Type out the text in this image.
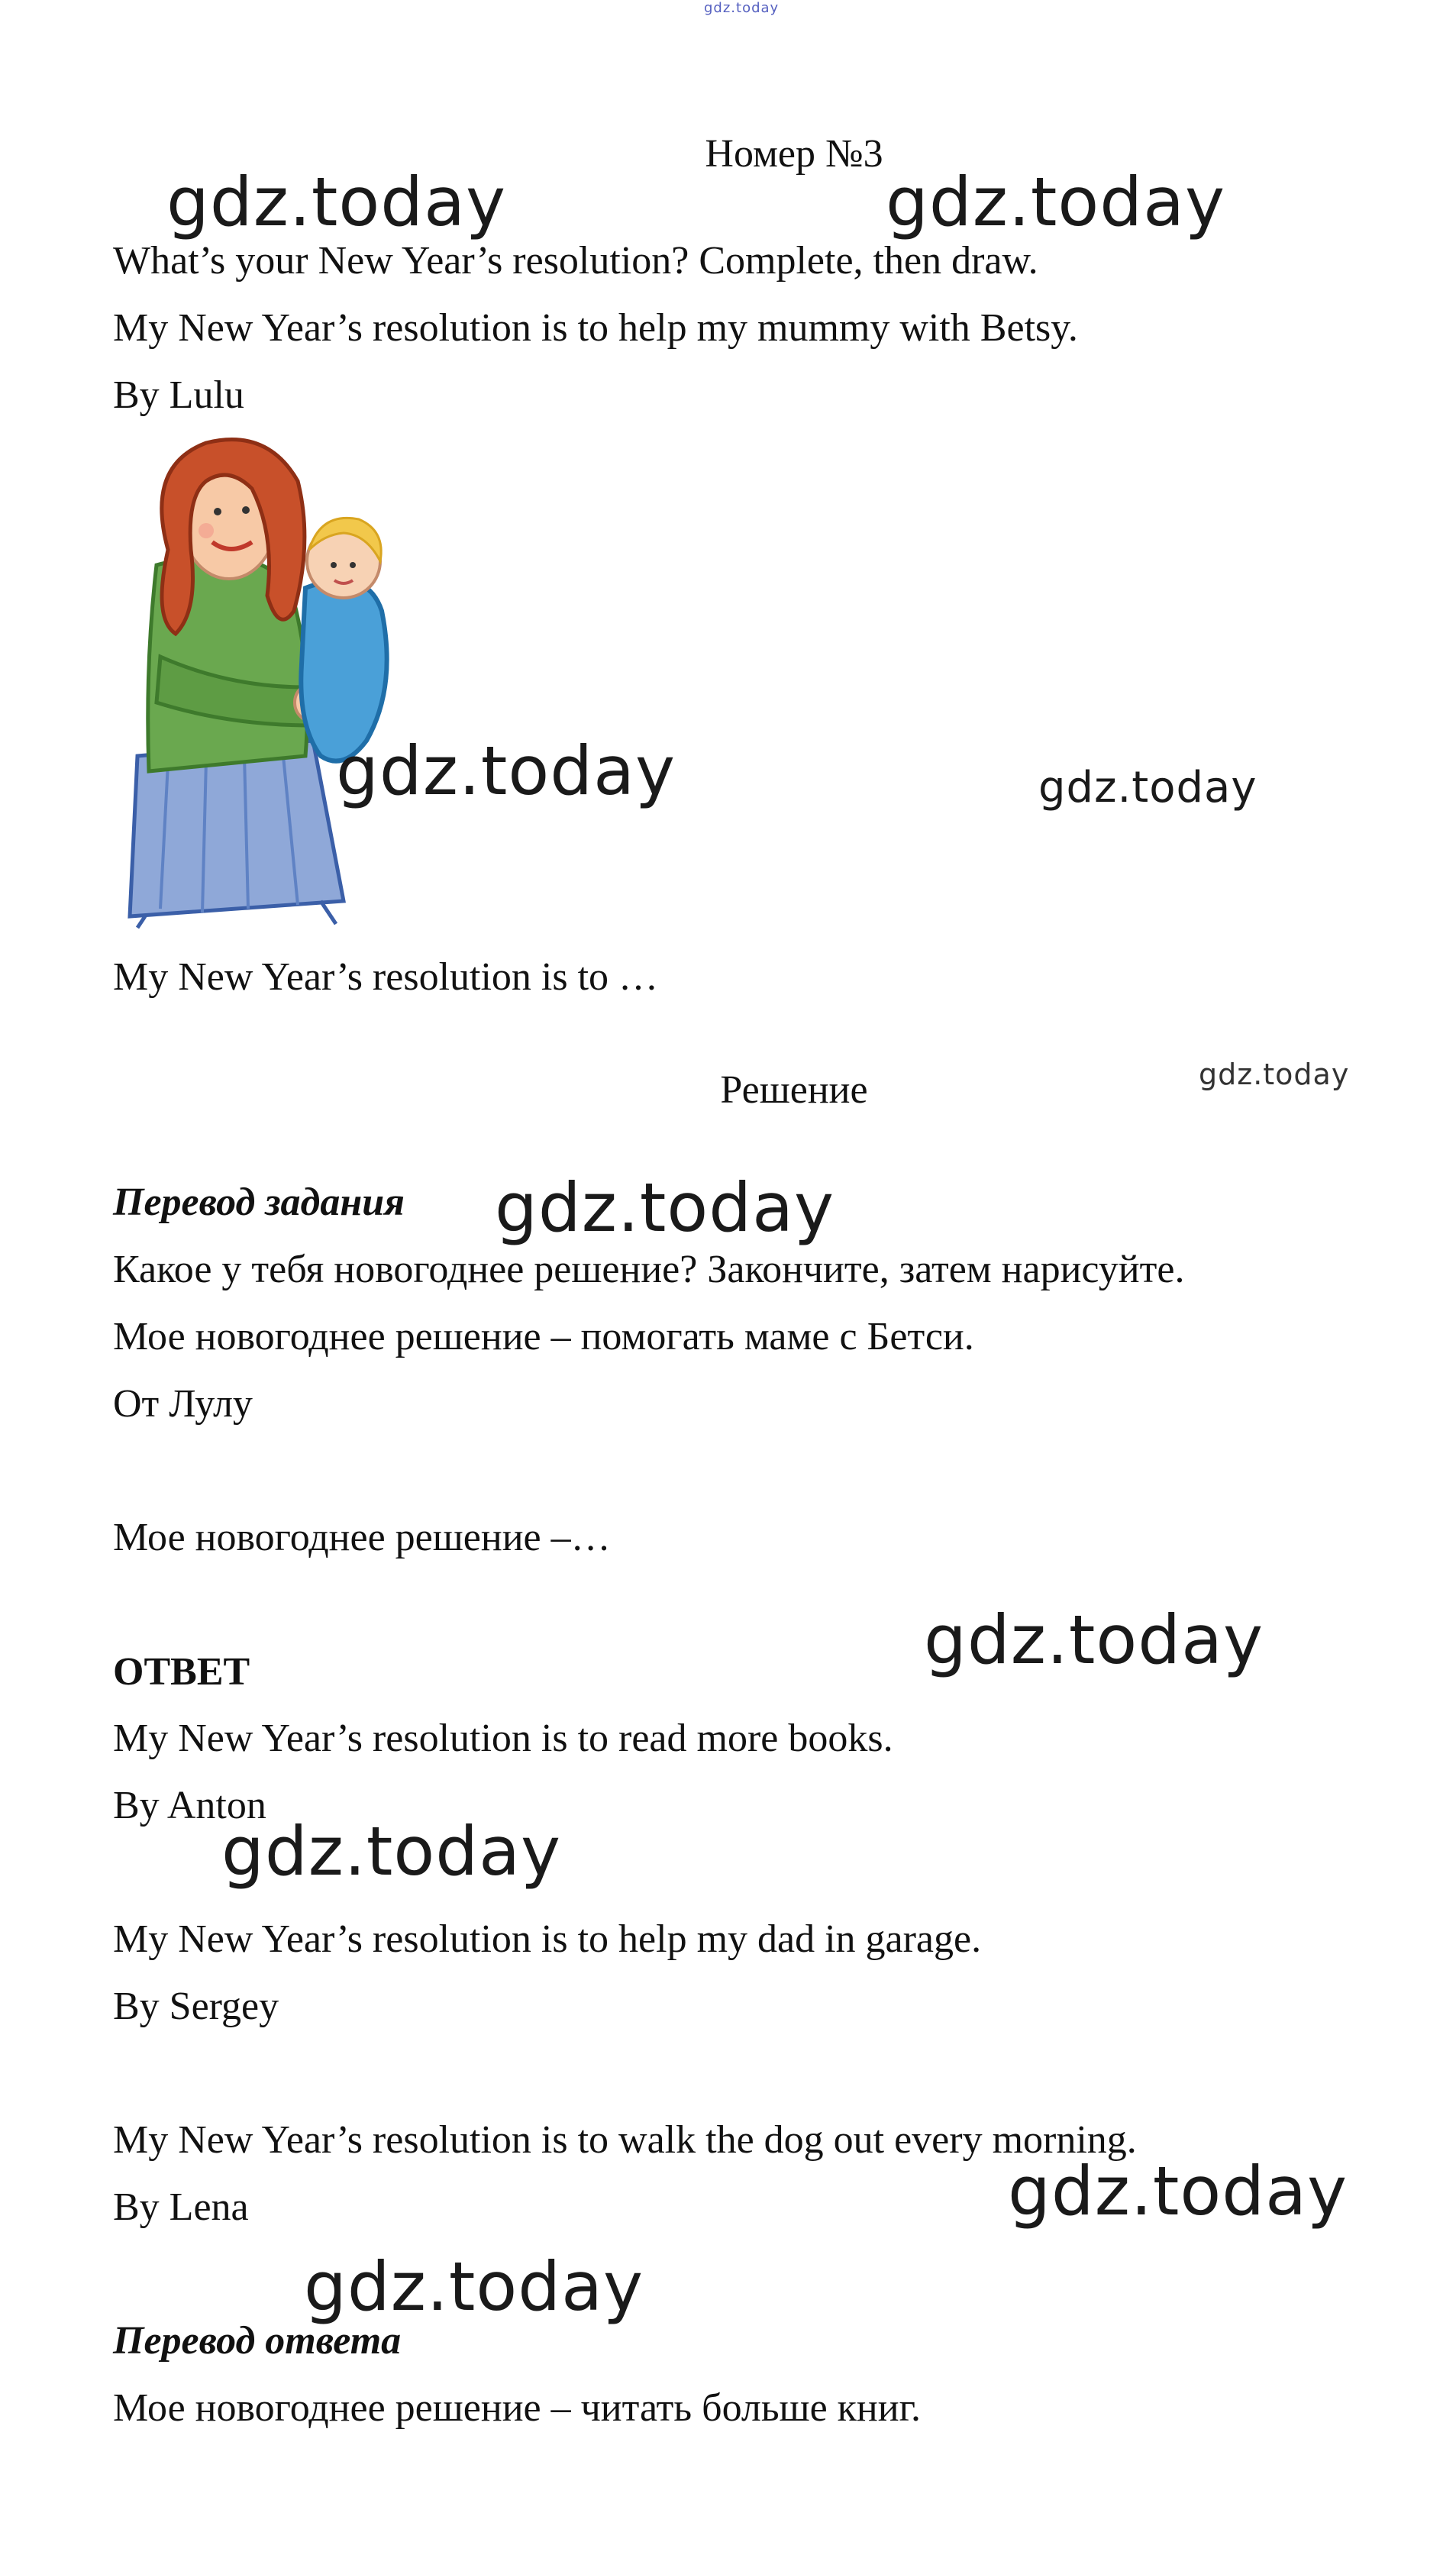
gdz.today
Номер №3
gdz.today	gdz.today
What’s your New Year’s resolution? Complete, then draw.
My New Year’s resolution is to help my mummy with Betsy.
By Lulu
gdz.today	gdz.today
My New Year’s resolution is to …
Решение	gdz.today
Перевод задания gdz.today
Какое у тебя новогоднее решение? Закончите, затем нарисуйте.
Мое новогоднее решение – помогать маме с Бетси.
От Лулу
Мое новогоднее решение –…
gdz.today
ОТВЕТ
My New Year’s resolution is to read more books.
By Anton
gdz.today
My New Year’s resolution is to help my dad in garage.
By Sergey
My New Year’s resolution is to walk the dog out every morning.
By Lena	gdz.today
gdz.today
Перевод ответа
Мое новогоднее решение – читать больше книг.
